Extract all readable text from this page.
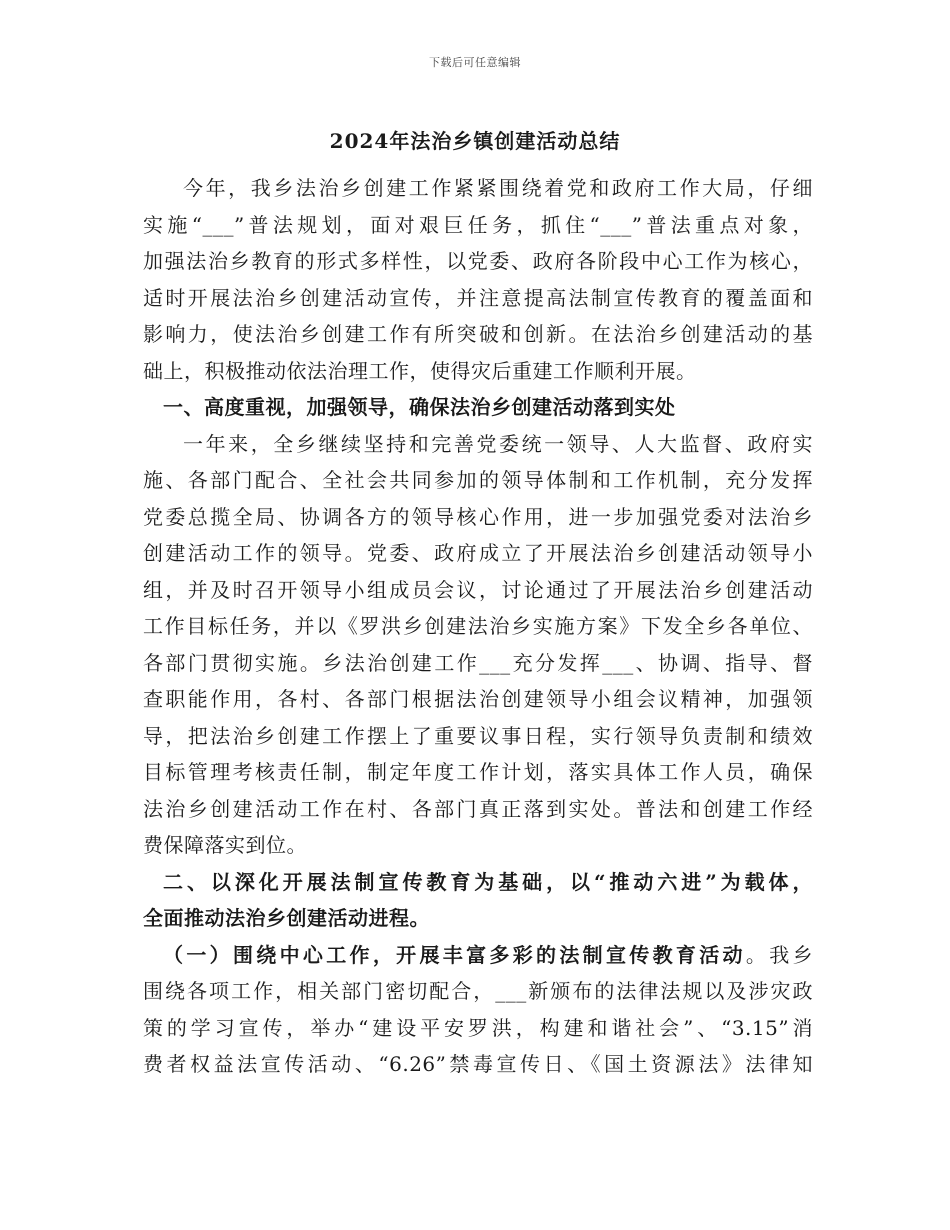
下载后可任意编辑
2024年法治乡镇创建活动总结
今年，我乡法治乡创建工作紧紧围绕着党和政府工作大局，仔细
实施“___”普法规划，面对艰巨任务，抓住“___”普法重点对象，
加强法治乡教育的形式多样性，以党委、政府各阶段中心工作为核心，
适时开展法治乡创建活动宣传，并注意提高法制宣传教育的覆盖面和
影响力，使法治乡创建工作有所突破和创新。在法治乡创建活动的基
础上，积极推动依法治理工作，使得灾后重建工作顺利开展。
一、高度重视，加强领导，确保法治乡创建活动落到实处
一年来，全乡继续坚持和完善党委统一领导、人大监督、政府实
施、各部门配合、全社会共同参加的领导体制和工作机制，充分发挥
党委总揽全局、协调各方的领导核心作用，进一步加强党委对法治乡
创建活动工作的领导。党委、政府成立了开展法治乡创建活动领导小
组，并及时召开领导小组成员会议，讨论通过了开展法治乡创建活动
工作目标任务，并以《罗洪乡创建法治乡实施方案》下发全乡各单位、
各部门贯彻实施。乡法治创建工作___充分发挥___、协调、指导、督
查职能作用，各村、各部门根据法治创建领导小组会议精神，加强领
导，把法治乡创建工作摆上了重要议事日程，实行领导负责制和绩效
目标管理考核责任制，制定年度工作计划，落实具体工作人员，确保
法治乡创建活动工作在村、各部门真正落到实处。普法和创建工作经
费保障落实到位。
二、以深化开展法制宣传教育为基础，以“推动六进”为载体，
全面推动法治乡创建活动进程。
（一）围绕中心工作，开展丰富多彩的法制宣传教育活动。我乡
围绕各项工作，相关部门密切配合，___新颁布的法律法规以及涉灾政
策的学习宣传，举办“建设平安罗洪，构建和谐社会”、“3.15”消
费者权益法宣传活动、“6.26”禁毒宣传日、《国土资源法》法律知
